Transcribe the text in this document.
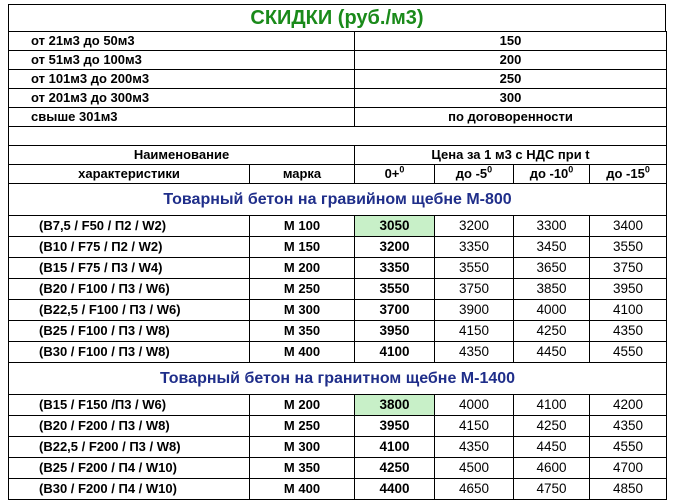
СКИДКИ (руб./м3)
от 21м3 до 50м3	150
от 51м3 до 100м3	200
от 101м3 до 200м3	250
от 201м3 до 300м3	300
свыше 301м3	по договоренности

Наименование		Цена за 1 м3 с НДС при t			
характеристики	марка	0+$^0$	до $-5^0$	до $-10^0$	до $-15^0$
Товарный бетон на гравийном щебне М-800					
(В7,5 / F50 / П2 / W2)	М 100	3050	3200	3300	3400
(В10 / F75 / П2 / W2)	М 150	3200	3350	3450	3550
(В15 / F75 / П3 / W4)	М 200	3350	3550	3650	3750
(В20 / F100 / П3 / W6)	М 250	3550	3750	3850	3950
(В22,5 / F100 / П3 / W6)	М 300	3700	3900	4000	4100
(В25 / F100 / П3 / W8)	М 350	3950	4150	4250	4350
(В30 / F100 / П3 / W8)	М 400	4100	4350	4450	4550
Товарный бетон на гранитном щебне М-1400					
(В15 / F150 /П3 / W6)	М 200	3800	4000	4100	4200
(В20 / F200 / П3 / W8)	М 250	3950	4150	4250	4350
(В22,5 / F200 / П3 / W8)	М 300	4100	4350	4450	4550
(В25 / F200 / П4 / W10)	М 350	4250	4500	4600	4700
(В30 / F200 / П4 / W10)	М 400	4400	4650	4750	4850
